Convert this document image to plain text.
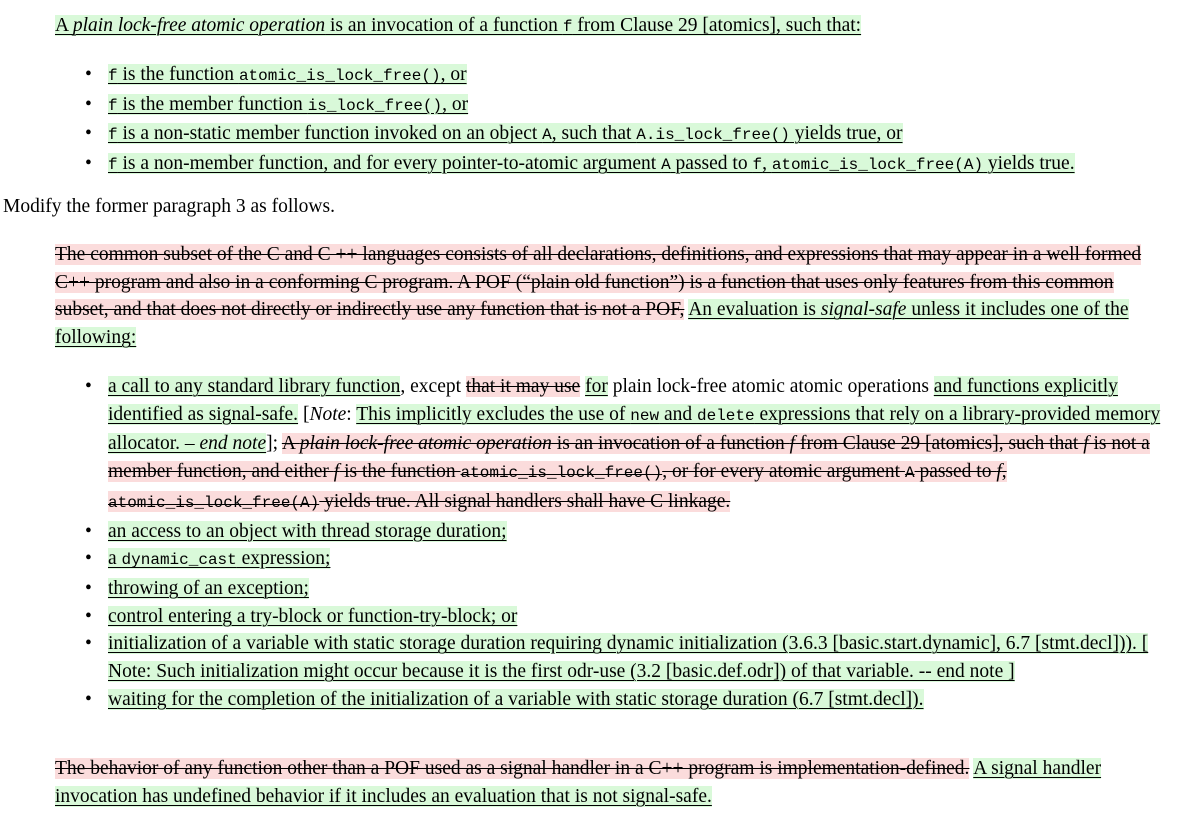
A plain lock-free atomic operation is an invocation of a function f from Clause 29 [atomics], such that:
• f is the function atomic_is_lock_free(), or
• f is the member function is_lock_free(), or
• f is a non-static member function invoked on an object A, such that A.is_lock_free() yields true, or
• f is a non-member function, and for every pointer-to-atomic argument A passed to f, atomic_is_lock_free(A) yields true.
Modify the former paragraph 3 as follows.
The common subset of the C and C ++ languages consists of all declarations, definitions, and expressions that may appear in a well formed C++ program and also in a conforming C program. A POF (“plain old function”) is a function that uses only features from this common subset, and that does not directly or indirectly use any function that is not a POF, An evaluation is signal-safe unless it includes one of the following:
• a call to any standard library function, except that it may use for plain lock-free atomic atomic operations and functions explicitly identified as signal-safe. [Note: This implicitly excludes the use of new and delete expressions that rely on a library-provided memory allocator. – end note]; A plain lock-free atomic operation is an invocation of a function f from Clause 29 [atomics], such that f is not a member function, and either f is the function atomic_is_lock_free(), or for every atomic argument A passed to f, atomic_is_lock_free(A) yields true. All signal handlers shall have C linkage.
• an access to an object with thread storage duration;
• a dynamic_cast expression;
• throwing of an exception;
• control entering a try-block or function-try-block; or
• initialization of a variable with static storage duration requiring dynamic initialization (3.6.3 [basic.start.dynamic], 6.7 [stmt.decl])). [ Note: Such initialization might occur because it is the first odr-use (3.2 [basic.def.odr]) of that variable. -- end note ]
• waiting for the completion of the initialization of a variable with static storage duration (6.7 [stmt.decl]).
The behavior of any function other than a POF used as a signal handler in a C++ program is implementation-defined. A signal handler invocation has undefined behavior if it includes an evaluation that is not signal-safe.
